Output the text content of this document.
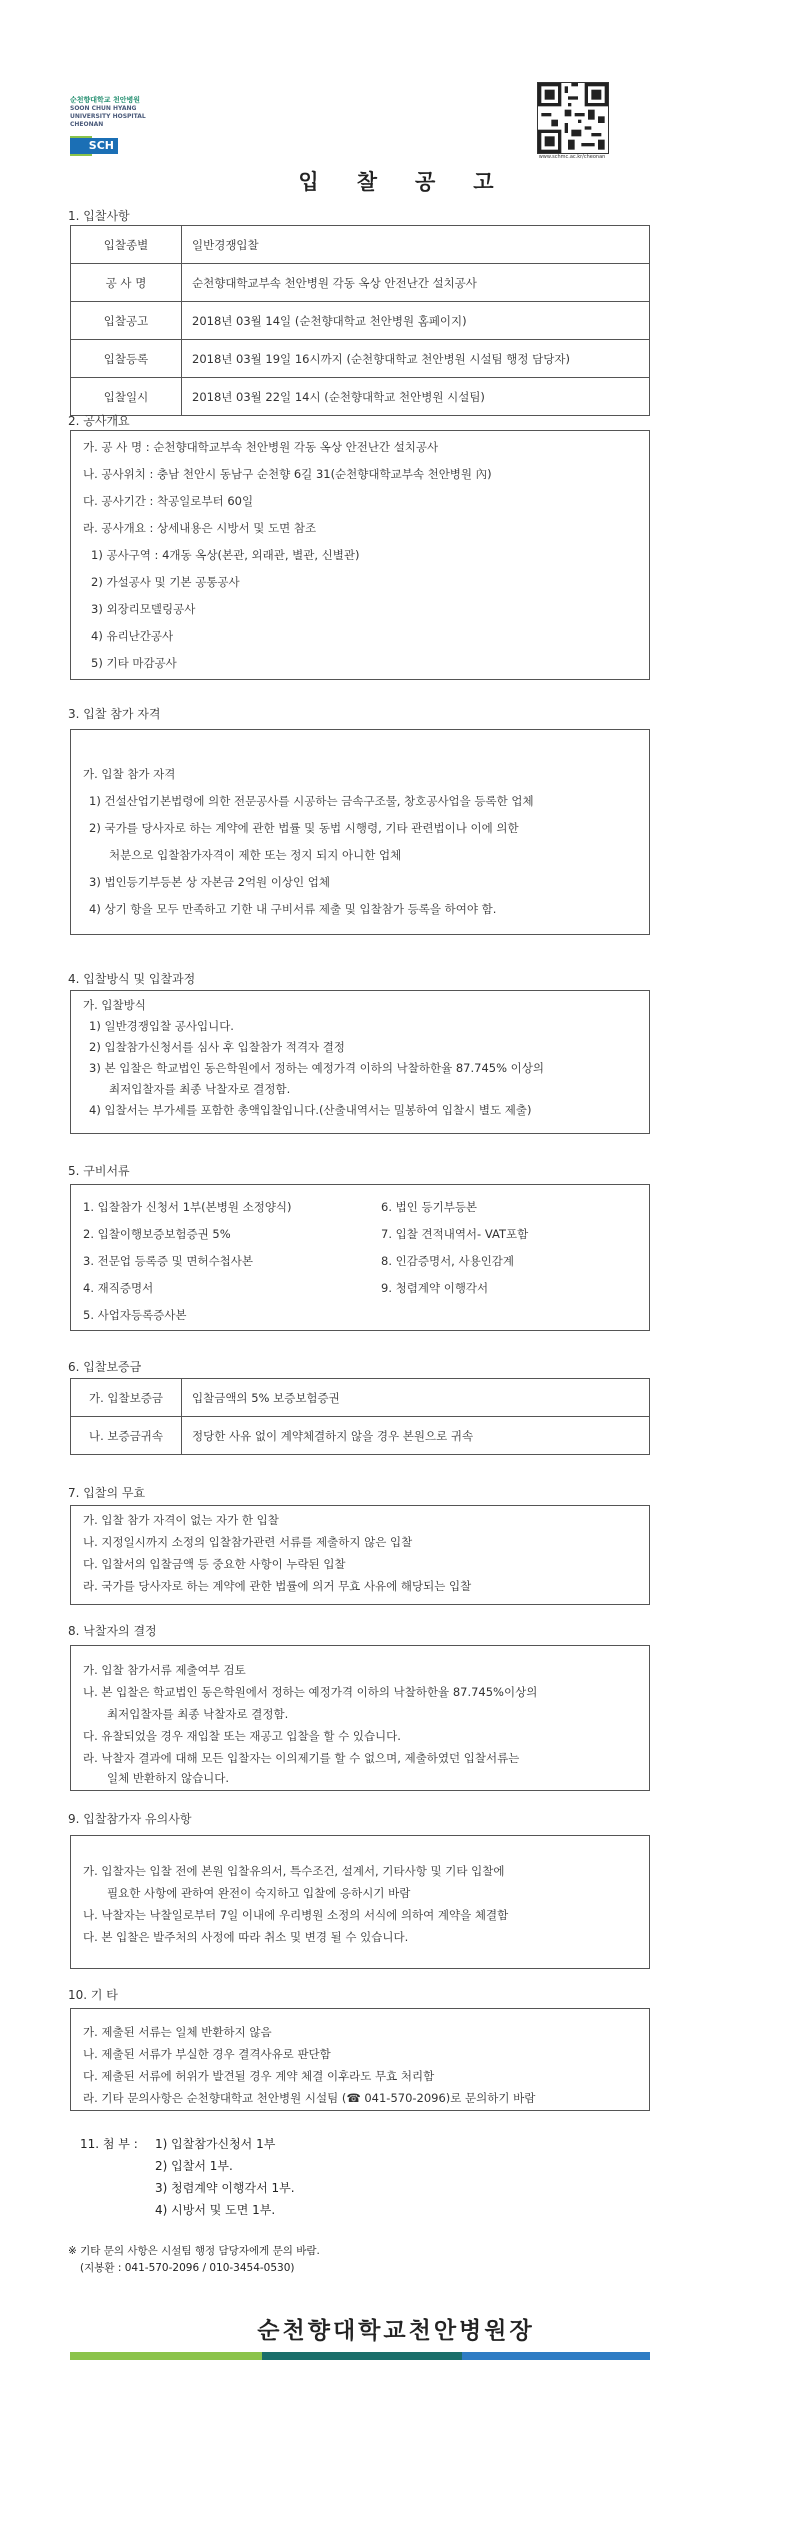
순천향대학교 천안병원
SOON CHUN HYANG
UNIVERSITY HOSPITAL
CHEONAN
SCH
www.schmc.ac.kr/cheonan
입찰공고
1. 입찰사항
입찰종별	일반경쟁입찰
공 사 명	순천향대학교부속 천안병원 각동 옥상 안전난간 설치공사
입찰공고	2018년 03월 14일 (순천향대학교 천안병원 홈페이지)
입찰등록	2018년 03월 19일 16시까지 (순천향대학교 천안병원 시설팀 행정 담당자)
입찰일시	2018년 03월 22일 14시 (순천향대학교 천안병원 시설팀)
2. 공사개요
가. 공 사 명 : 순천향대학교부속 천안병원 각동 옥상 안전난간 설치공사
나. 공사위치 : 충남 천안시 동남구 순천향 6길 31(순천향대학교부속 천안병원 內)
다. 공사기간 : 착공일로부터 60일
라. 공사개요 : 상세내용은 시방서 및 도면 참조
1) 공사구역 : 4개동 옥상(본관, 외래관, 별관, 신별관)
2) 가설공사 및 기본 공통공사
3) 외장리모델링공사
4) 유리난간공사
5) 기타 마감공사
3. 입찰 참가 자격
가. 입찰 참가 자격
1) 건설산업기본법령에 의한 전문공사를 시공하는 금속구조물, 창호공사업을 등록한 업체
2) 국가를 당사자로 하는 계약에 관한 법률 및 동법 시행령, 기타 관련법이나 이에 의한
처분으로 입찰참가자격이 제한 또는 정지 되지 아니한 업체
3) 법인등기부등본 상 자본금 2억원 이상인 업체
4) 상기 항을 모두 만족하고 기한 내 구비서류 제출 및 입찰참가 등록을 하여야 함.
4. 입찰방식 및 입찰과정
가. 입찰방식
1) 일반경쟁입찰 공사입니다.
2) 입찰참가신청서를 심사 후 입찰참가 적격자 결정
3) 본 입찰은 학교법인 동은학원에서 정하는 예정가격 이하의 낙찰하한율 87.745% 이상의
최저입찰자를 최종 낙찰자로 결정함.
4) 입찰서는 부가세를 포함한 총액입찰입니다.(산출내역서는 밀봉하여 입찰시 별도 제출)
5. 구비서류
1. 입찰참가 신청서 1부(본병원 소정양식)
2. 입찰이행보증보험증권 5%
3. 전문업 등록증 및 면허수첩사본
4. 재직증명서
5. 사업자등록증사본
6. 법인 등기부등본
7. 입찰 견적내역서- VAT포함
8. 인감증명서, 사용인감계
9. 청렴계약 이행각서
6. 입찰보증금
가. 입찰보증금	입찰금액의 5% 보증보험증권
나. 보증금귀속	정당한 사유 없이 계약체결하지 않을 경우 본원으로 귀속
7. 입찰의 무효
가. 입찰 참가 자격이 없는 자가 한 입찰
나. 지정일시까지 소정의 입찰참가관련 서류를 제출하지 않은 입찰
다. 입찰서의 입찰금액 등 중요한 사항이 누락된 입찰
라. 국가를 당사자로 하는 계약에 관한 법률에 의거 무효 사유에 해당되는 입찰
8. 낙찰자의 결정
가. 입찰 참가서류 제출여부 검토
나. 본 입찰은 학교법인 동은학원에서 정하는 예정가격 이하의 낙찰하한율 87.745%이상의
최저입찰자를 최종 낙찰자로 결정함.
다. 유찰되었을 경우 재입찰 또는 재공고 입찰을 할 수 있습니다.
라. 낙찰자 결과에 대해 모든 입찰자는 이의제기를 할 수 없으며, 제출하였던 입찰서류는
일체 반환하지 않습니다.
9. 입찰참가자 유의사항
가. 입찰자는 입찰 전에 본원 입찰유의서, 특수조건, 설계서, 기타사항 및 기타 입찰에
필요한 사항에 관하여 완전이 숙지하고 입찰에 응하시기 바람
나. 낙찰자는 낙찰일로부터 7일 이내에 우리병원 소정의 서식에 의하여 계약을 체결함
다. 본 입찰은 발주처의 사정에 따라 취소 및 변경 될 수 있습니다.
10. 기 타
가. 제출된 서류는 일체 반환하지 않음
나. 제출된 서류가 부실한 경우 결격사유로 판단함
다. 제출된 서류에 허위가 발견될 경우 계약 체결 이후라도 무효 처리함
라. 기타 문의사항은 순천향대학교 천안병원 시설팀 (☎ 041-570-2096)로 문의하기 바람
11. 첨 부 : 1) 입찰참가신청서 1부
2) 입찰서 1부.
3) 청렴계약 이행각서 1부.
4) 시방서 및 도면 1부.
※ 기타 문의 사항은 시설팀 행정 담당자에게 문의 바람.
(지봉환 : 041-570-2096 / 010-3454-0530)
순천향대학교천안병원장
